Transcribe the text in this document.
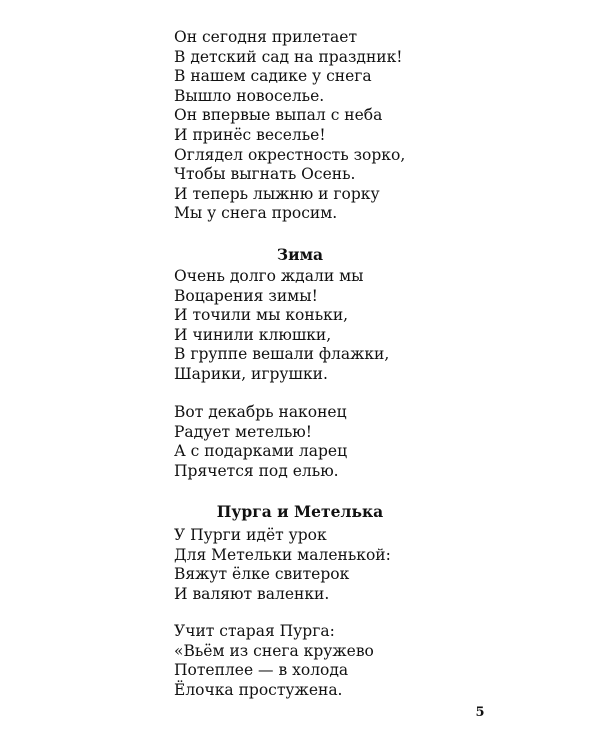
Он сегодня прилетает
В детский сад на праздник!
В нашем садике у снега
Вышло новоселье.
Он впервые выпал с неба
И принёс веселье!
Оглядел окрестность зорко,
Чтобы выгнать Осень.
И теперь лыжню и горку
Мы у снега просим.
Зима
Очень долго ждали мы
Воцарения зимы!
И точили мы коньки,
И чинили клюшки,
В группе вешали флажки,
Шарики, игрушки.
Вот декабрь наконец
Радует метелью!
А с подарками ларец
Прячется под елью.
Пурга и Метелька
У Пурги идёт урок
Для Метельки маленькой:
Вяжут ёлке свитерок
И валяют валенки.
Учит старая Пурга:
«Вьём из снега кружево
Потеплее — в холода
Ёлочка простужена.
5
